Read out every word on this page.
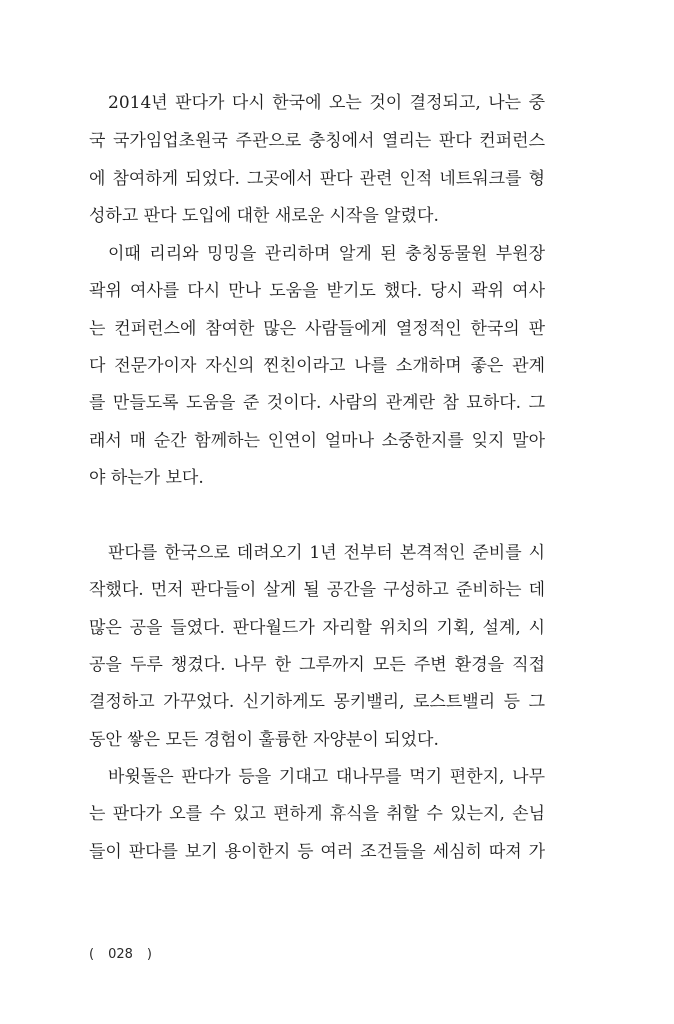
2014년 판다가 다시 한국에 오는 것이 결정되고, 나는 중
국 국가임업초원국 주관으로 충칭에서 열리는 판다 컨퍼런스
에 참여하게 되었다. 그곳에서 판다 관련 인적 네트워크를 형
성하고 판다 도입에 대한 새로운 시작을 알렸다.
이때 리리와 밍밍을 관리하며 알게 된 충칭동물원 부원장
곽위 여사를 다시 만나 도움을 받기도 했다. 당시 곽위 여사
는 컨퍼런스에 참여한 많은 사람들에게 열정적인 한국의 판
다 전문가이자 자신의 찐친이라고 나를 소개하며 좋은 관계
를 만들도록 도움을 준 것이다. 사람의 관계란 참 묘하다. 그
래서 매 순간 함께하는 인연이 얼마나 소중한지를 잊지 말아
야 하는가 보다.
판다를 한국으로 데려오기 1년 전부터 본격적인 준비를 시
작했다. 먼저 판다들이 살게 될 공간을 구성하고 준비하는 데
많은 공을 들였다. 판다월드가 자리할 위치의 기획, 설계, 시
공을 두루 챙겼다. 나무 한 그루까지 모든 주변 환경을 직접
결정하고 가꾸었다. 신기하게도 몽키밸리, 로스트밸리 등 그
동안 쌓은 모든 경험이 훌륭한 자양분이 되었다.
바윗돌은 판다가 등을 기대고 대나무를 먹기 편한지, 나무
는 판다가 오를 수 있고 편하게 휴식을 취할 수 있는지, 손님
들이 판다를 보기 용이한지 등 여러 조건들을 세심히 따져 가
( 028 )
